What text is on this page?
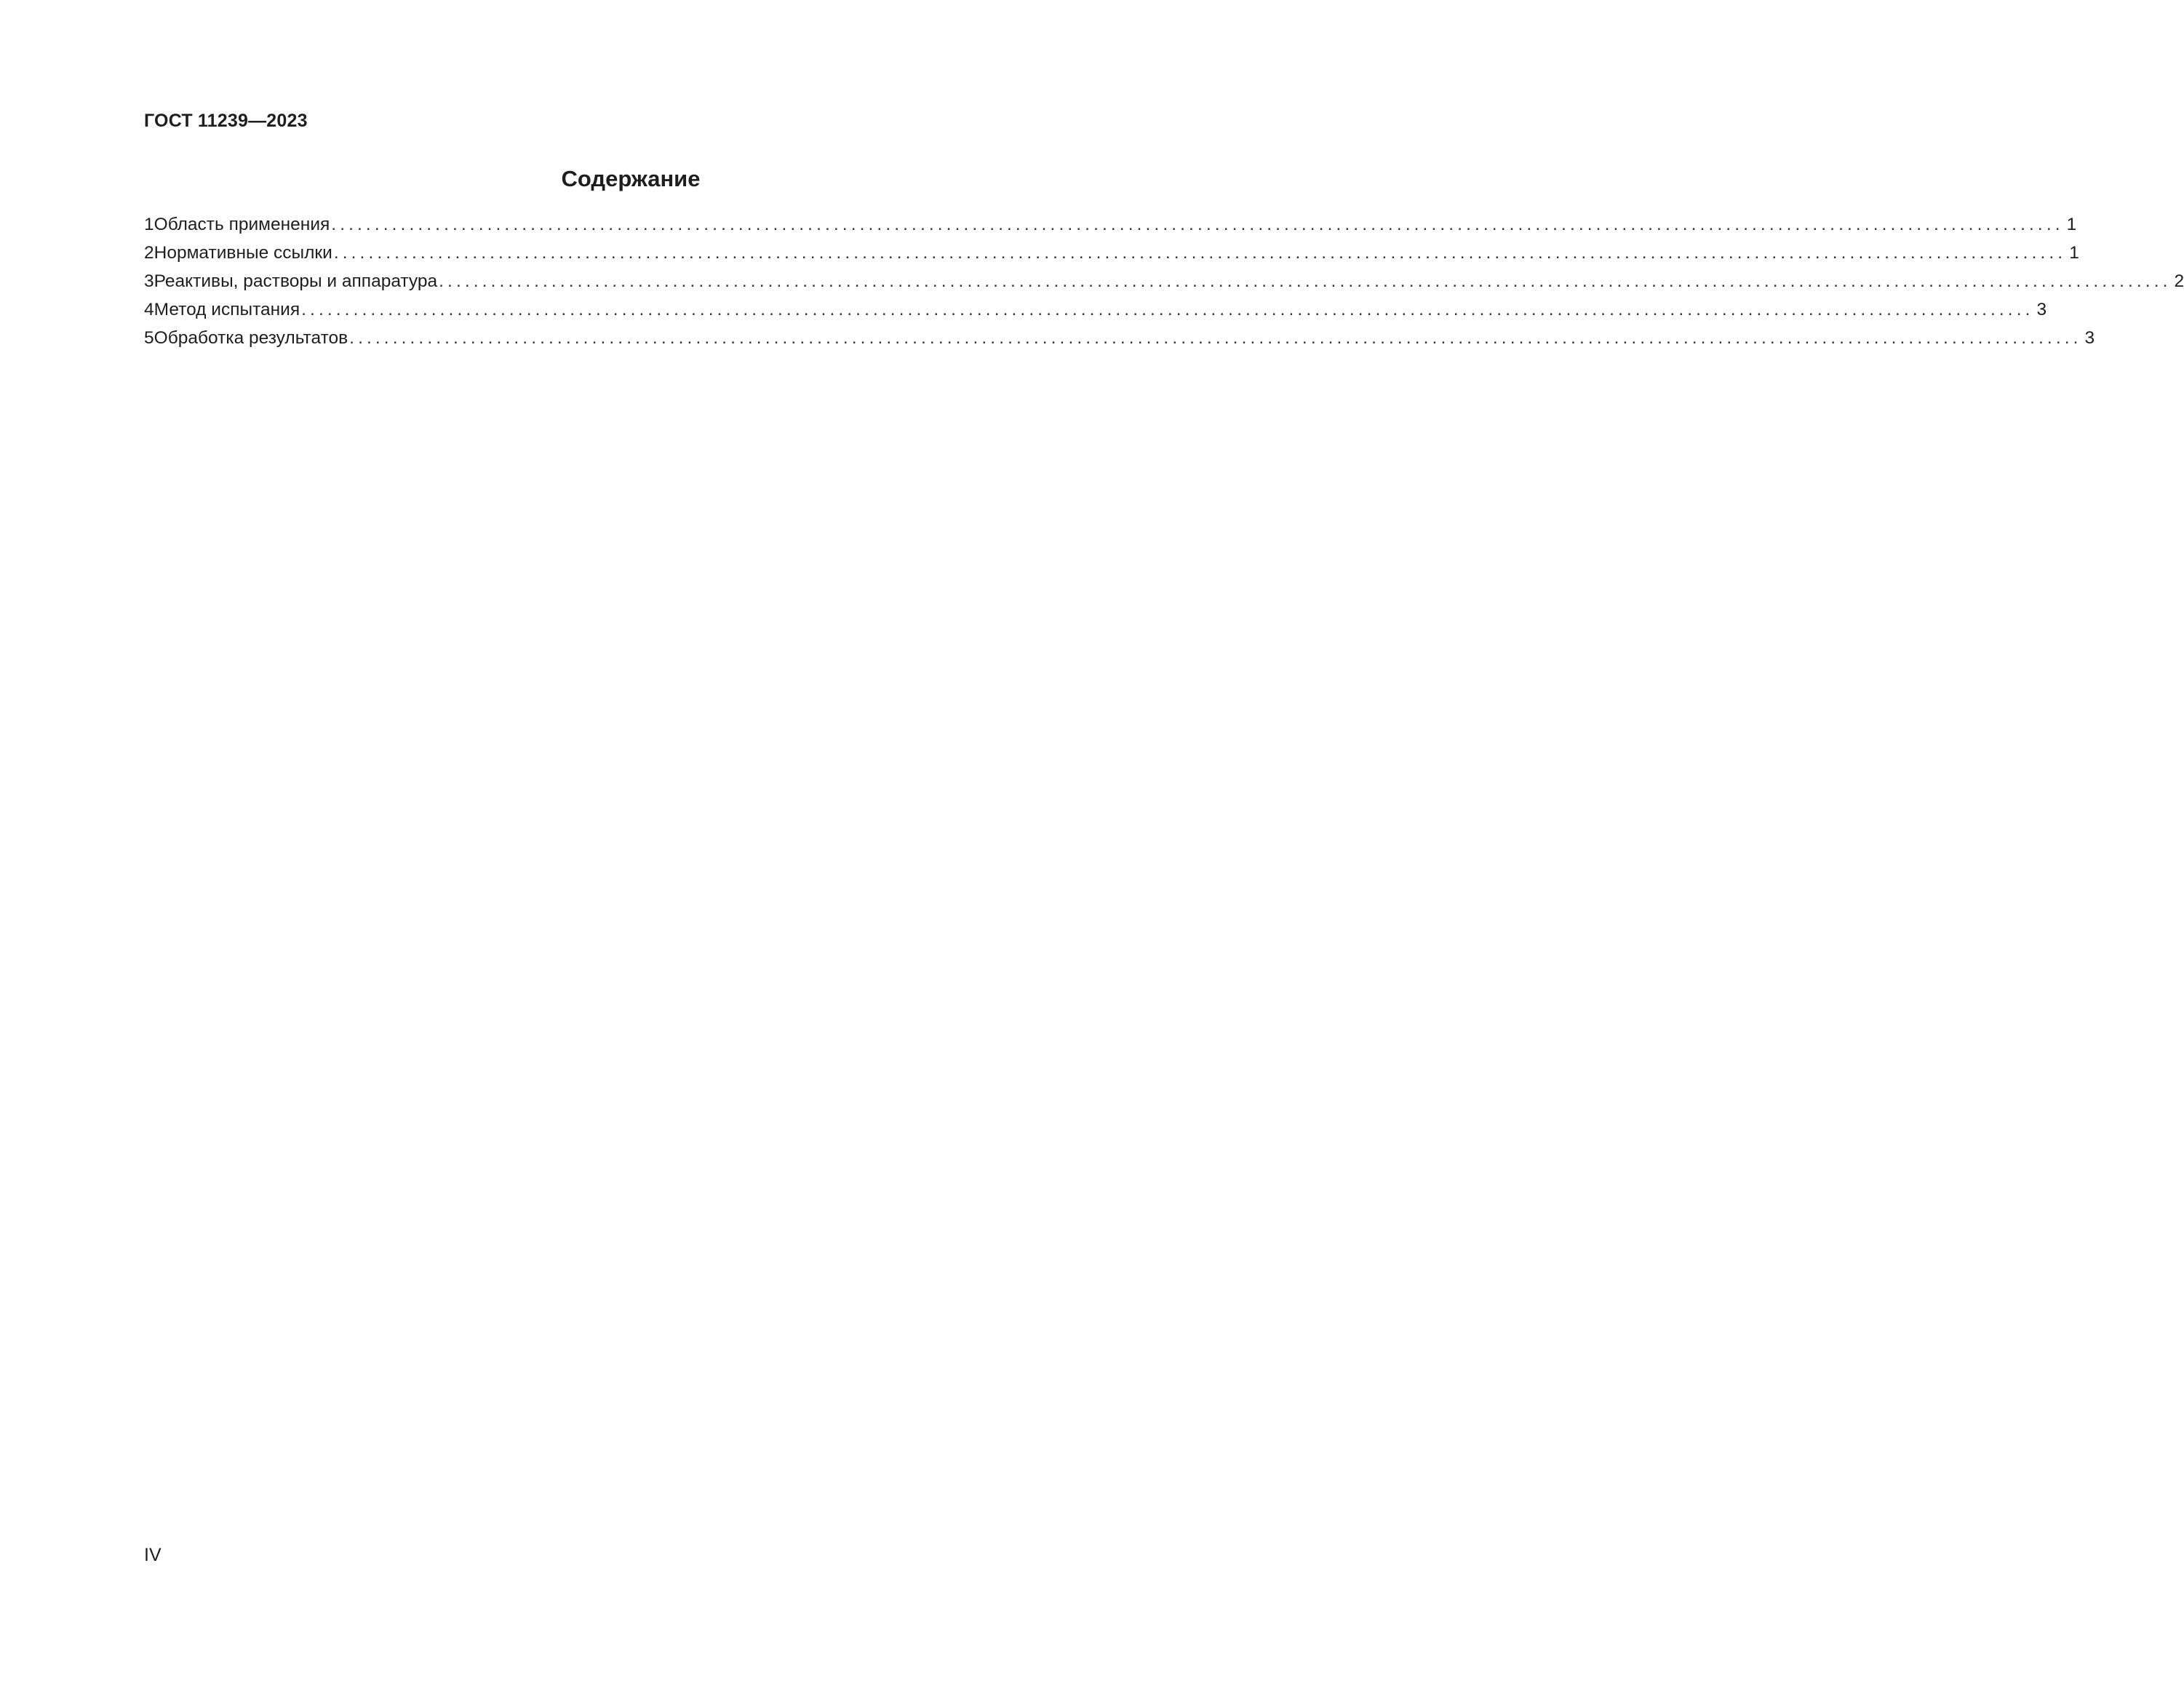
ГОСТ 11239—2023
Содержание
1 Область применения ........................................................................................................................................................................................................ 1
2 Нормативные ссылки ........................................................................................................................................................................................................ 1
3 Реактивы, растворы и аппаратура ........................................................................................................................................................................................................ 2
4 Метод испытания ........................................................................................................................................................................................................ 3
5 Обработка результатов ........................................................................................................................................................................................................ 3
IV
